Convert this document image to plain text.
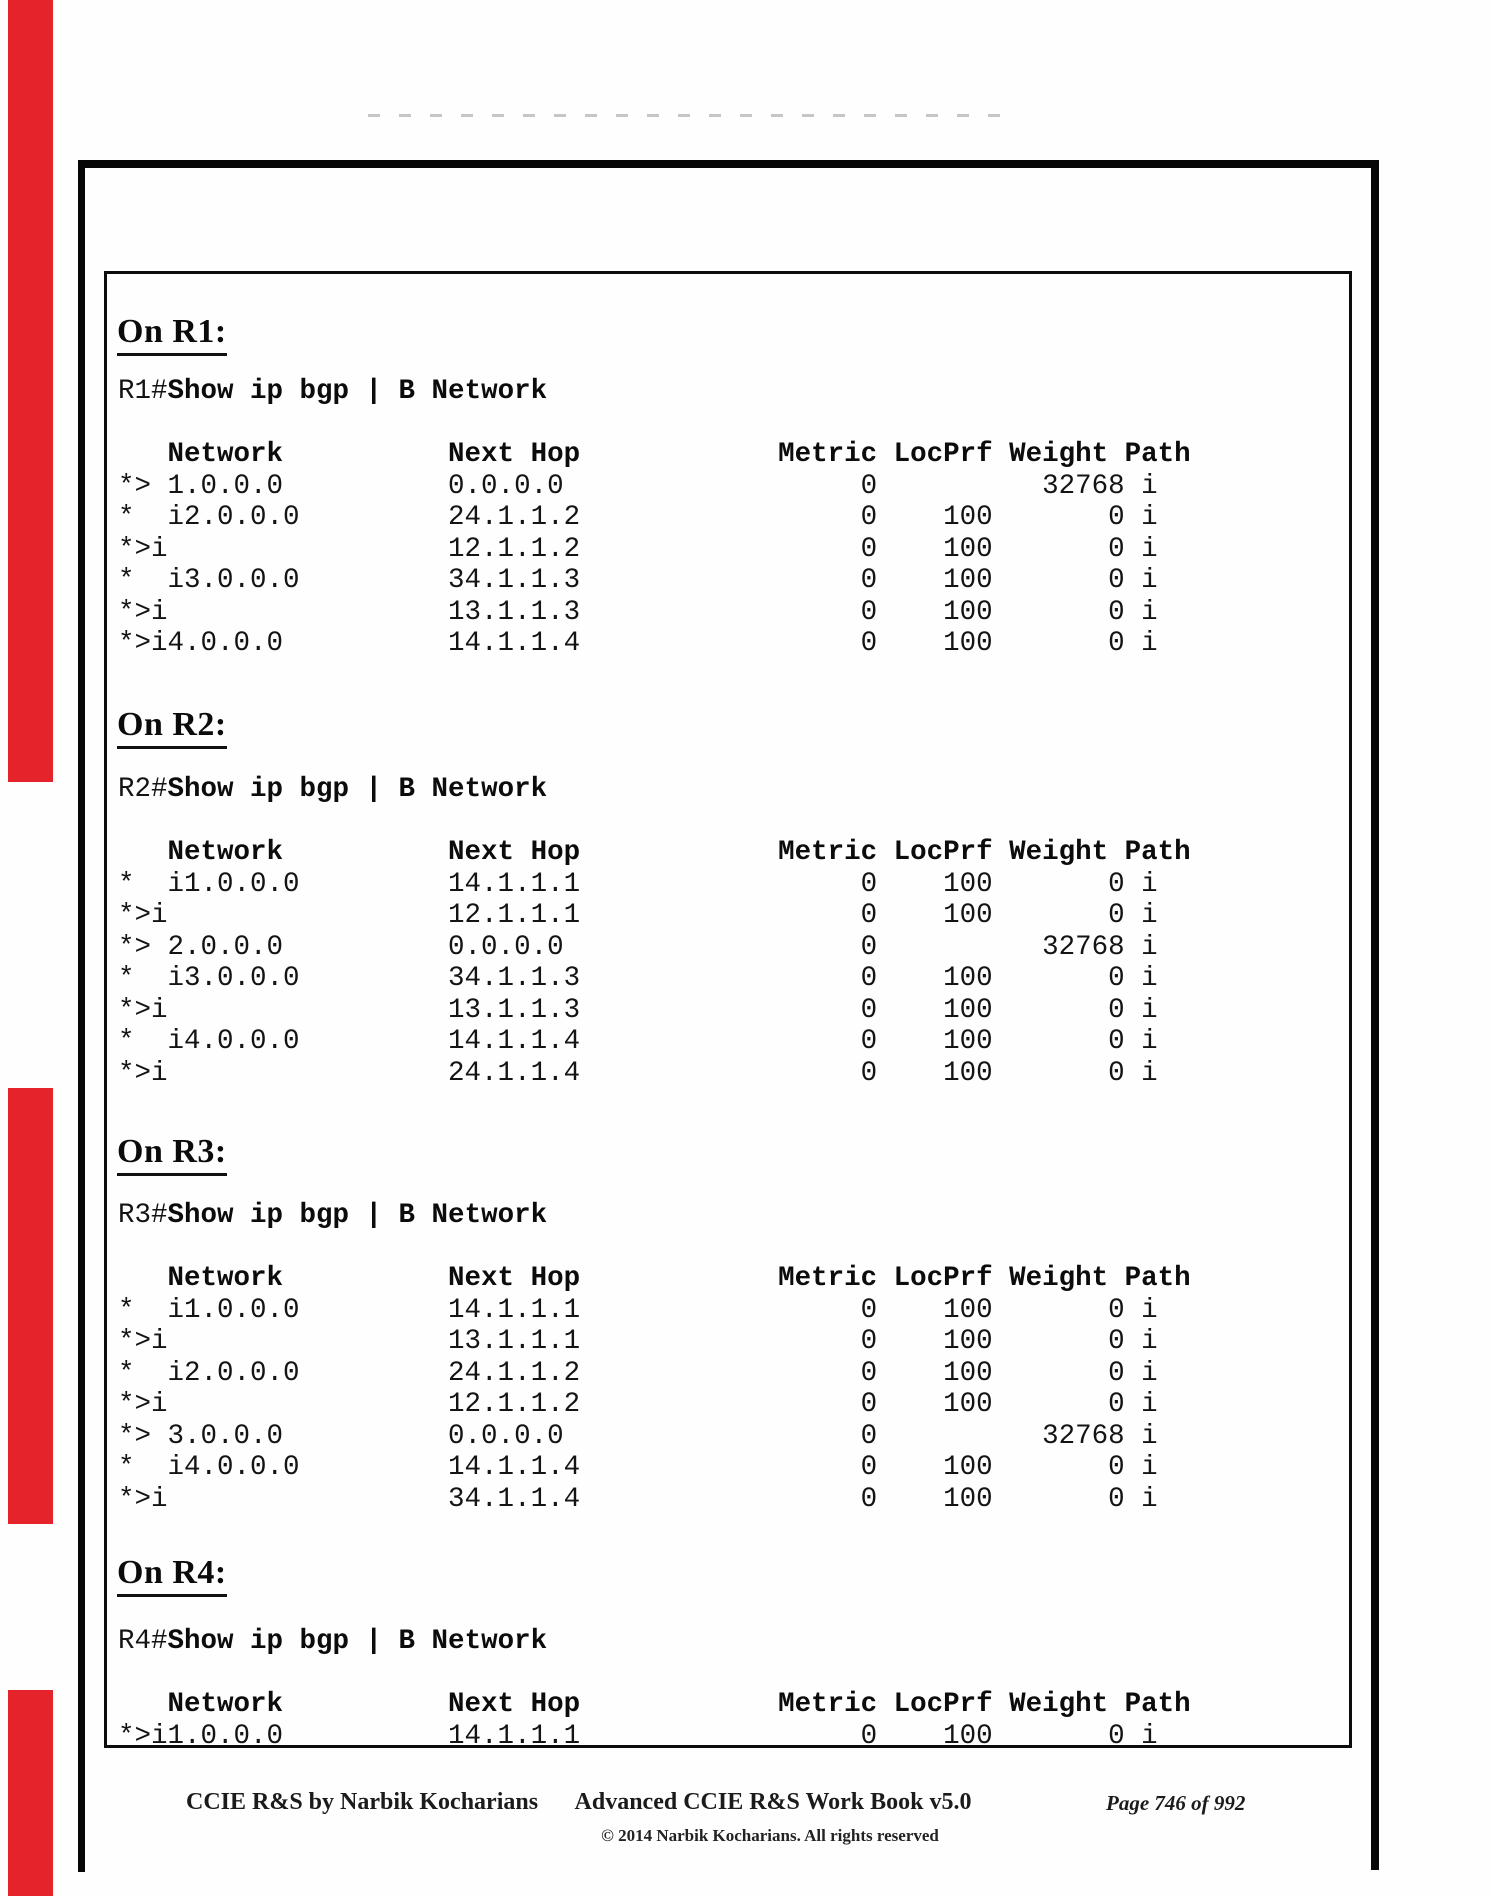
On R1:
R1#Show ip bgp | B Network
Network          Next Hop            Metric LocPrf Weight Path
*> 1.0.0.0          0.0.0.0                  0          32768 i
*  i2.0.0.0         24.1.1.2                 0    100       0 i
*>i                 12.1.1.2                 0    100       0 i
*  i3.0.0.0         34.1.1.3                 0    100       0 i
*>i                 13.1.1.3                 0    100       0 i
*>i4.0.0.0          14.1.1.4                 0    100       0 i
On R2:
R2#Show ip bgp | B Network
Network          Next Hop            Metric LocPrf Weight Path
*  i1.0.0.0         14.1.1.1                 0    100       0 i
*>i                 12.1.1.1                 0    100       0 i
*> 2.0.0.0          0.0.0.0                  0          32768 i
*  i3.0.0.0         34.1.1.3                 0    100       0 i
*>i                 13.1.1.3                 0    100       0 i
*  i4.0.0.0         14.1.1.4                 0    100       0 i
*>i                 24.1.1.4                 0    100       0 i
On R3:
R3#Show ip bgp | B Network
Network          Next Hop            Metric LocPrf Weight Path
*  i1.0.0.0         14.1.1.1                 0    100       0 i
*>i                 13.1.1.1                 0    100       0 i
*  i2.0.0.0         24.1.1.2                 0    100       0 i
*>i                 12.1.1.2                 0    100       0 i
*> 3.0.0.0          0.0.0.0                  0          32768 i
*  i4.0.0.0         14.1.1.4                 0    100       0 i
*>i                 34.1.1.4                 0    100       0 i
On R4:
R4#Show ip bgp | B Network
Network          Next Hop            Metric LocPrf Weight Path
*>i1.0.0.0          14.1.1.1                 0    100       0 i
CCIE R&S by Narbik Kocharians Advanced CCIE R&S Work Book v5.0
© 2014 Narbik Kocharians. All rights reserved
Page 746 of 992
